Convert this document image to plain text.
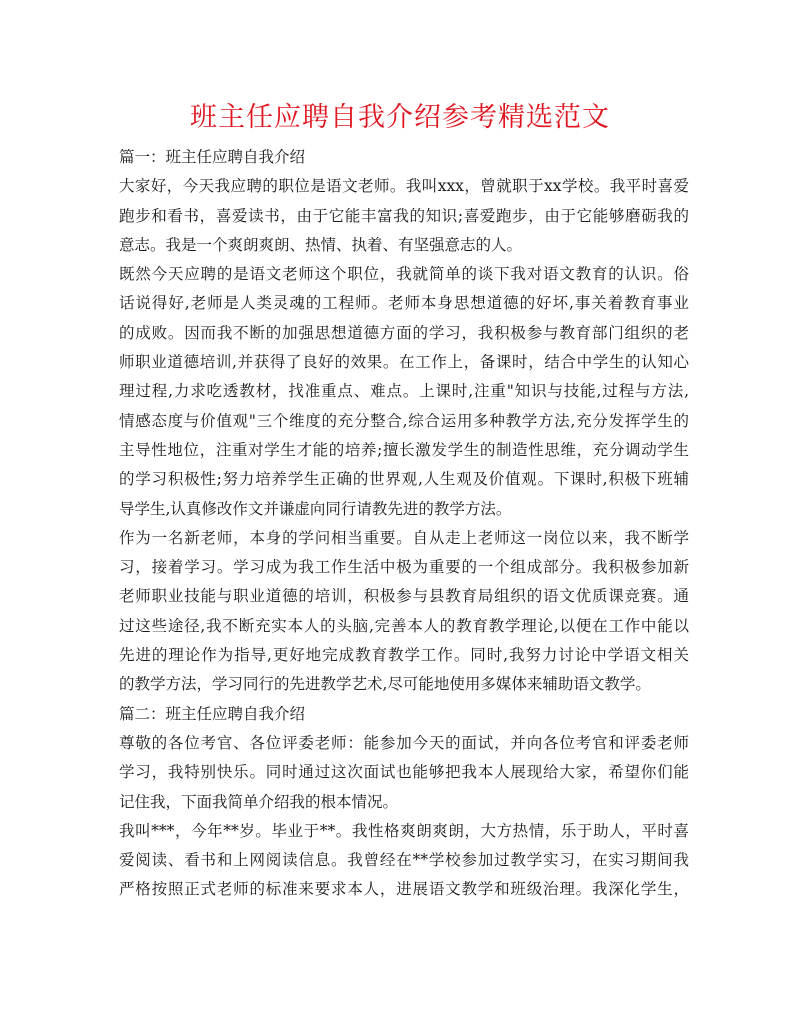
班主任应聘自我介绍参考精选范文
篇一：班主任应聘自我介绍
大家好，今天我应聘的职位是语文老师。我叫xxx，曾就职于xx学校。我平时喜爱
跑步和看书，喜爱读书，由于它能丰富我的知识;喜爱跑步，由于它能够磨砺我的
意志。我是一个爽朗爽朗、热情、执着、有坚强意志的人。
既然今天应聘的是语文老师这个职位，我就简单的谈下我对语文教育的认识。俗
话说得好,老师是人类灵魂的工程师。老师本身思想道德的好坏,事关着教育事业
的成败。因而我不断的加强思想道德方面的学习，我积极参与教育部门组织的老
师职业道德培训,并获得了良好的效果。在工作上，备课时，结合中学生的认知心
理过程,力求吃透教材，找准重点、难点。上课时,注重"知识与技能,过程与方法,
情感态度与价值观"三个维度的充分整合,综合运用多种教学方法,充分发挥学生的
主导性地位，注重对学生才能的培养;擅长激发学生的制造性思维，充分调动学生
的学习积极性;努力培养学生正确的世界观,人生观及价值观。下课时,积极下班辅
导学生,认真修改作文并谦虚向同行请教先进的教学方法。
作为一名新老师，本身的学问相当重要。自从走上老师这一岗位以来，我不断学
习，接着学习。学习成为我工作生活中极为重要的一个组成部分。我积极参加新
老师职业技能与职业道德的培训，积极参与县教育局组织的语文优质课竞赛。通
过这些途径,我不断充实本人的头脑,完善本人的教育教学理论,以便在工作中能以
先进的理论作为指导,更好地完成教育教学工作。同时,我努力讨论中学语文相关
的教学方法，学习同行的先进教学艺术,尽可能地使用多媒体来辅助语文教学。
篇二：班主任应聘自我介绍
尊敬的各位考官、各位评委老师：能参加今天的面试，并向各位考官和评委老师
学习，我特别快乐。同时通过这次面试也能够把我本人展现给大家，希望你们能
记住我，下面我简单介绍我的根本情况。
我叫***，今年**岁。毕业于**。我性格爽朗爽朗，大方热情，乐于助人，平时喜
爱阅读、看书和上网阅读信息。我曾经在**学校参加过教学实习，在实习期间我
严格按照正式老师的标准来要求本人，进展语文教学和班级治理。我深化学生，
